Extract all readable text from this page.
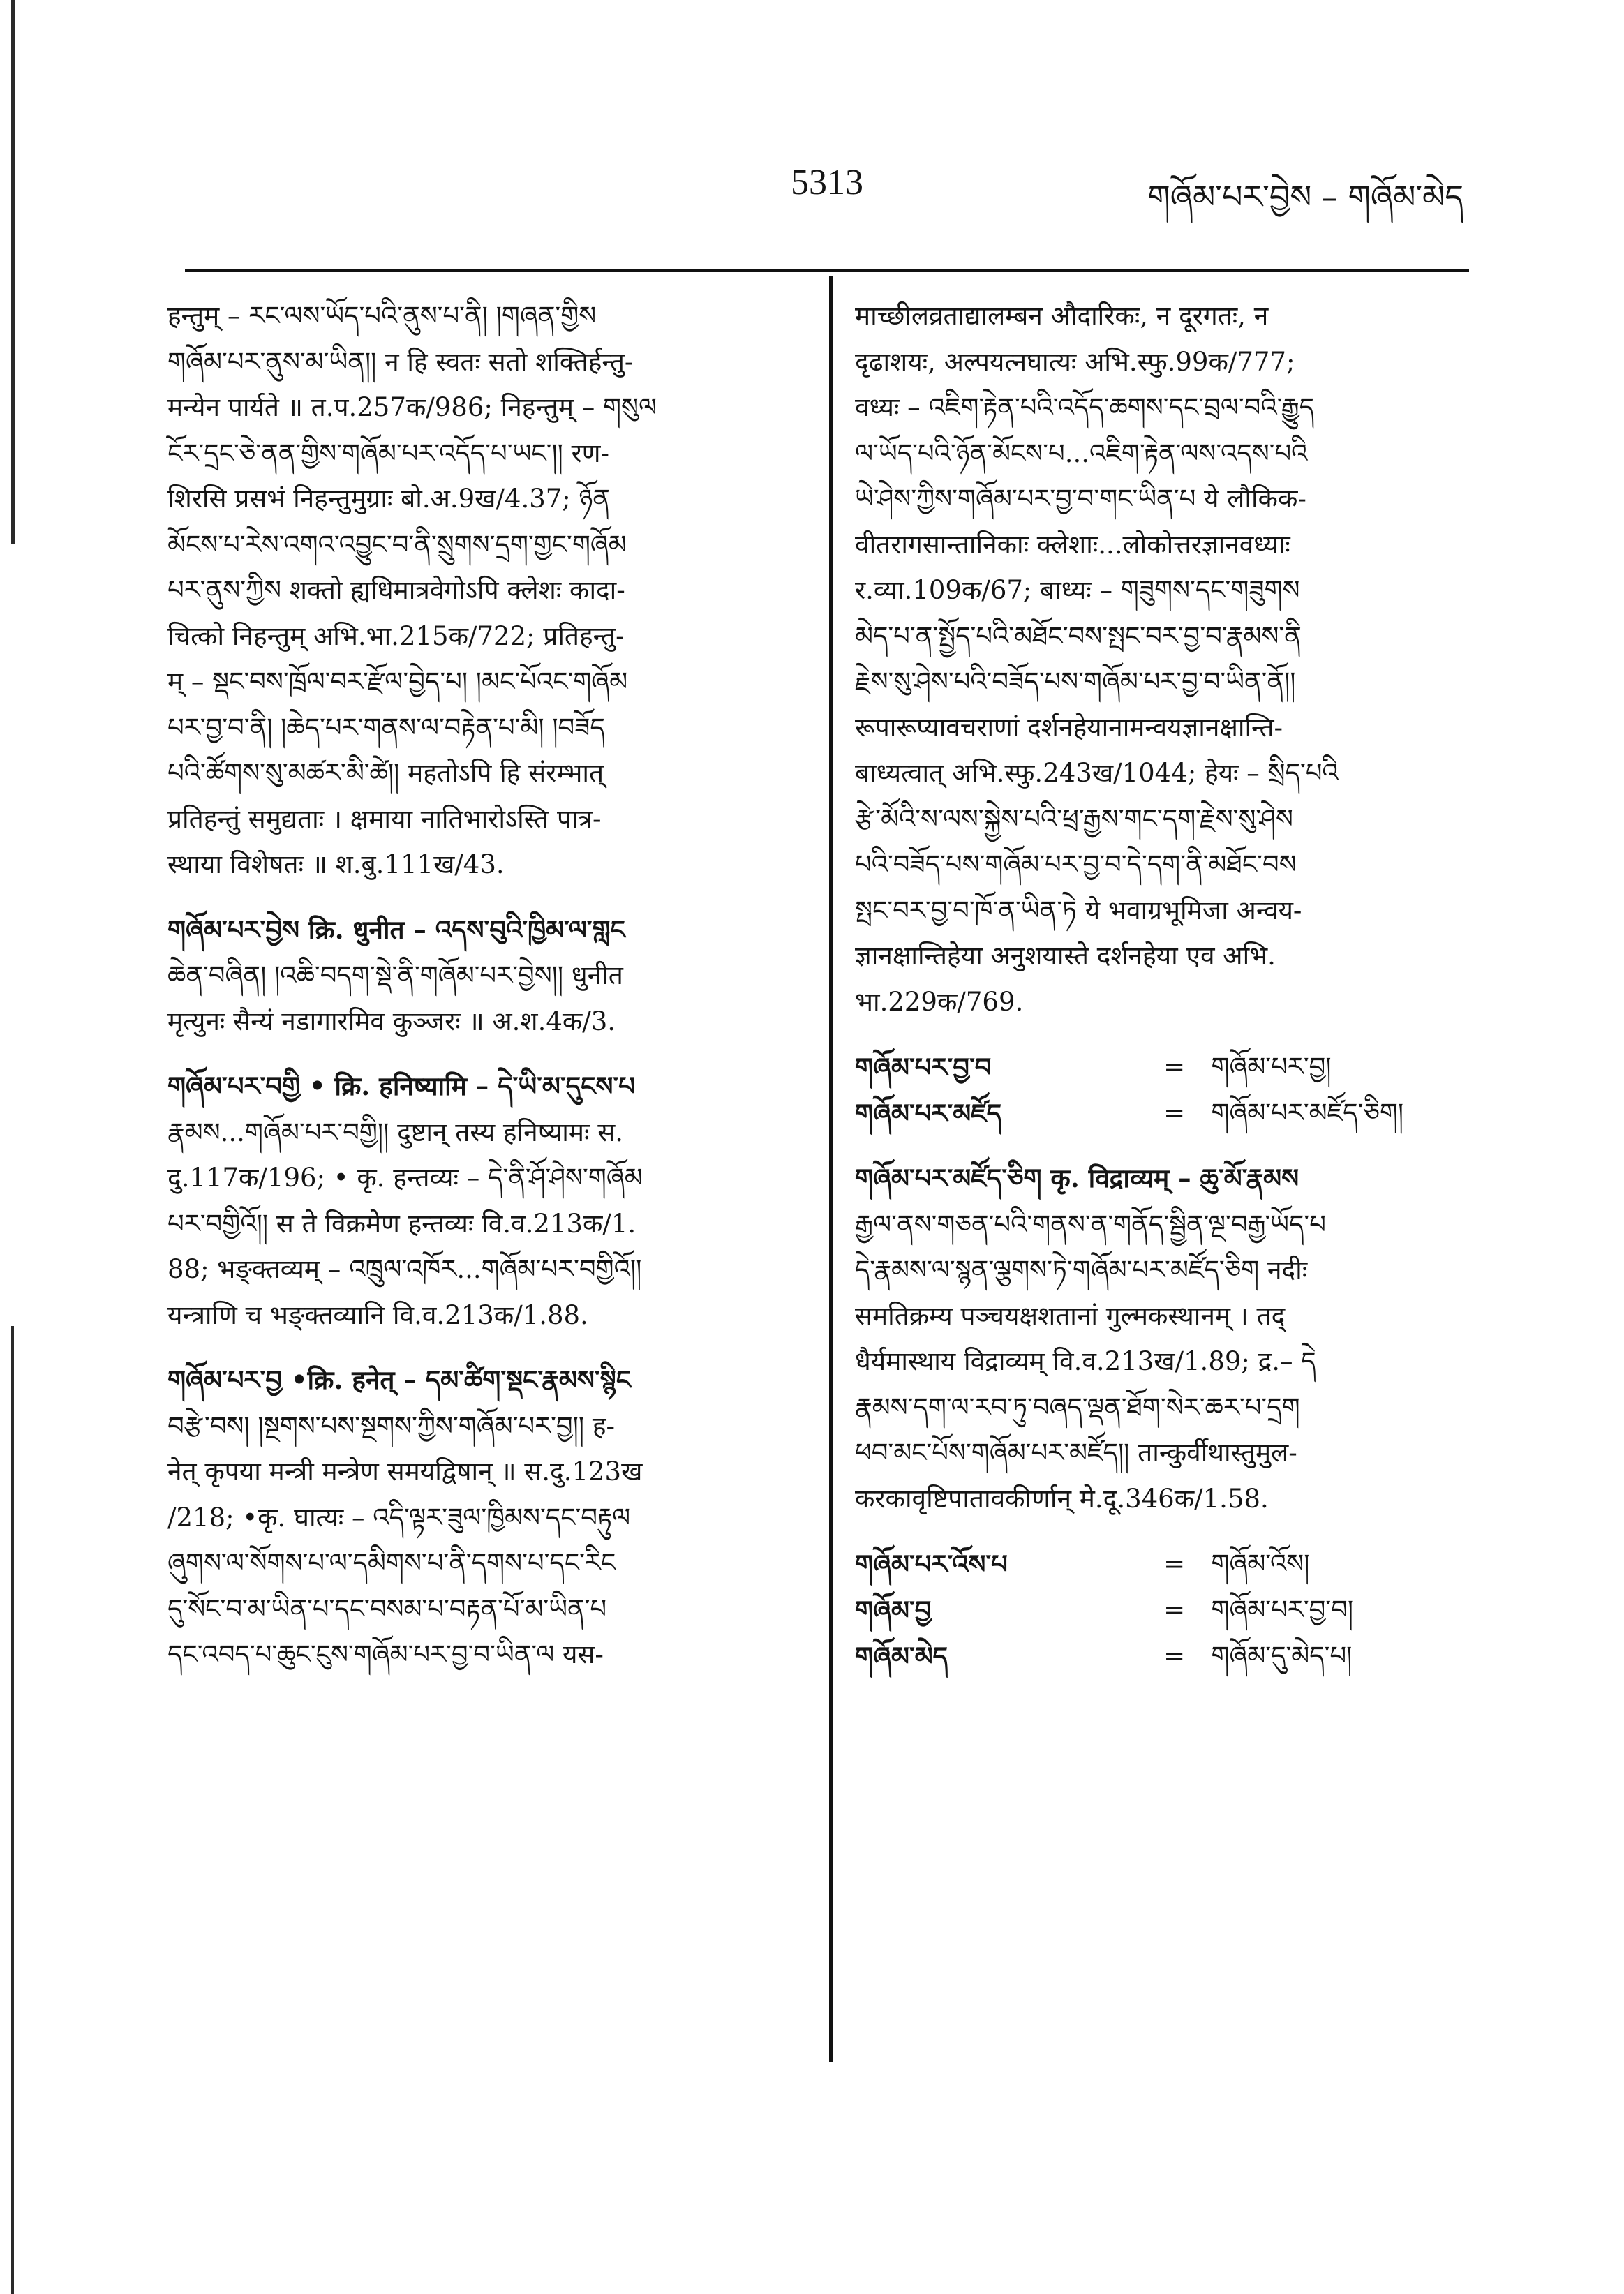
5313	གཞོམ་པར་བྱེས – གཞོམ་མེད
हन्तुम् – རང་ལས་ཡོད་པའི་ནུས་པ་ནི། །གཞན་གྱིས
གཞོམ་པར་ནུས་མ་ཡིན།། न हि स्वतः सतो शक्तिर्हन्तु-
मन्येन पार्यते ॥ त.प.257क/986; निहन्तुम् – གསུལ
ངོར་དྲང་ཅེ་ནན་གྱིས་གཞོམ་པར་འདོད་པ་ཡང་།། रण-
शिरसि प्रसभं निहन्तुमुग्राः बो.अ.9ख/4.37; ཉོན
མོངས་པ་རེས་འགའ་འབྱུང་བ་ནི་སྲུགས་དྲག་གྱང་གཞོམ
པར་ནུས་ཀྱིས शक्तो ह्यधिमात्रवेगोऽपि क्लेशः कादा-
चित्को निहन्तुम् अभि.भा.215क/722; प्रतिहन्तु-
म् – སྡང་བས་ཁྲོལ་བར་རྫོལ་བྱེད་པ། །མང་པོའང་གཞོམ
པར་བྱ་བ་ནི། །ཆེད་པར་གནས་ལ་བརྟེན་པ་མི། །བཟོད
པའི་ཚོགས་སུ་མཚར་མི་ཚེ།། महतोऽपि हि संरम्भात्
प्रतिहन्तुं समुद्यताः । क्षमाया नातिभारोऽस्ति पात्र-
स्थाया विशेषतः ॥ श.बु.111ख/43.
གཞོམ་པར་བྱེས क्रि. धुनीत – འདས་བུའི་ཁྱིམ་ལ་གླང
ཆེན་བཞིན། །འཆི་བདག་སྡེ་ནི་གཞོམ་པར་བྱེས།། धुनीत
मृत्युनः सैन्यं नडागारमिव कुञ्जरः ॥ अ.श.4क/3.
གཞོམ་པར་བགྱི • क्रि. हनिष्यामि – དེ་ཡི་མ་དུངས་པ
རྣམས...གཞོམ་པར་བགྱི།། दुष्टान् तस्य हनिष्यामः स.
दु.117क/196; • कृ. हन्तव्यः – དེ་ནི་ཤོ་ཤེས་གཞོམ
པར་བགྱིའོ།། स ते विक्रमेण हन्तव्यः वि.व.213क/1.
88; भङ्क्तव्यम् – འཁྲུལ་འཁོར...གཞོམ་པར་བགྱིའོ།།
यन्त्राणि च भङ्क्तव्यानि वि.व.213क/1.88.
གཞོམ་པར་བྱ •क्रि. हनेत् – དམ་ཚིག་སྡང་རྣམས་སྙིང
བརྩེ་བས། །སྔགས་པས་སྔགས་ཀྱིས་གཞོམ་པར་བྱ།། ह-
नेत् कृपया मन्त्री मन्त्रेण समयद्विषान् ॥ स.दु.123ख
/218; •कृ. घात्यः – འདི་ལྟར་ཟུལ་ཁྱིམས་དང་བརྟུལ
ཞུགས་ལ་སོགས་པ་ལ་དམིགས་པ་ནི་དགས་པ་དང་རིང
དུ་སོང་བ་མ་ཡིན་པ་དང་བསམ་པ་བརྟན་པོ་མ་ཡིན་པ
དང་འབད་པ་ཆུང་ངུས་གཞོམ་པར་བྱ་བ་ཡིན་ལ यस-
माच्छीलव्रताद्यालम्बन औदारिकः, न दूरगतः, न
दृढाशयः, अल्पयत्नघात्यः अभि.स्फु.99क/777;
वध्यः – འཇིག་རྟེན་པའི་འདོད་ཆགས་དང་བྲལ་བའི་རྒྱུད
ལ་ཡོད་པའི་ཉོན་མོངས་པ...འཇིག་རྟེན་ལས་འདས་པའི
ཡེ་ཤེས་ཀྱིས་གཞོམ་པར་བྱ་བ་གང་ཡིན་པ ये लौकिक-
वीतरागसान्तानिकाः क्लेशाः...लोकोत्तरज्ञानवध्याः
र.व्या.109क/67; बाध्यः – གཟུགས་དང་གཟུགས
མེད་པ་ན་སྤྱོད་པའི་མཐོང་བས་སྤང་བར་བྱ་བ་རྣམས་ནི
རྗེས་སུ་ཤེས་པའི་བཟོད་པས་གཞོམ་པར་བྱ་བ་ཡིན་ནོ།།
रूपारूप्यावचराणां दर्शनहेयानामन्वयज्ञानक्षान्ति-
बाध्यत्वात् अभि.स्फु.243ख/1044; हेयः – སྲིད་པའི
རྩེ་མོའི་ས་ལས་སྐྱེས་པའི་ཕྲ་རྒྱས་གང་དག་རྗེས་སུ་ཤེས
པའི་བཟོད་པས་གཞོམ་པར་བྱ་བ་དེ་དག་ནི་མཐོང་བས
སྤང་བར་བྱ་བ་ཁོ་ན་ཡིན་ཏེ ये भवाग्रभूमिजा अन्वय-
ज्ञानक्षान्तिहेया अनुशयास्ते दर्शनहेया एव अभि.
भा.229क/769.
གཞོམ་པར་བྱ་བ	=	གཞོམ་པར་བྱ།
གཞོམ་པར་མཛོད	=	གཞོམ་པར་མཛོད་ཅིག།
གཞོམ་པར་མཛོད་ཅིག कृ. विद्राव्यम् – ཆུ་མོ་རྣམས
རྒྱལ་ནས་གཅན་པའི་གནས་ན་གནོད་སྦྱིན་ལྔ་བརྒྱ་ཡོད་པ
དེ་རྣམས་ལ་སྙན་ལྕགས་ཏེ་གཞོམ་པར་མཛོད་ཅིག नदीः
समतिक्रम्य पञ्चयक्षशतानां गुल्मकस्थानम् । तद्
धैर्यमास्थाय विद्राव्यम् वि.व.213ख/1.89; द्र.– དེ
རྣམས་དག་ལ་རབ་ཏུ་བཞད་ལྡན་ཐོག་སེར་ཆར་པ་དྲག
ཕབ་མང་པོས་གཞོམ་པར་མཛོད།། तान्कुर्वीथास्तुमुल-
करकावृष्टिपातावकीर्णान् मे.दू.346क/1.58.
གཞོམ་པར་འོས་པ	=	གཞོམ་འོས།
གཞོམ་བྱ	=	གཞོམ་པར་བྱ་བ།
གཞོམ་མེད	=	གཞོམ་དུ་མེད་པ།
